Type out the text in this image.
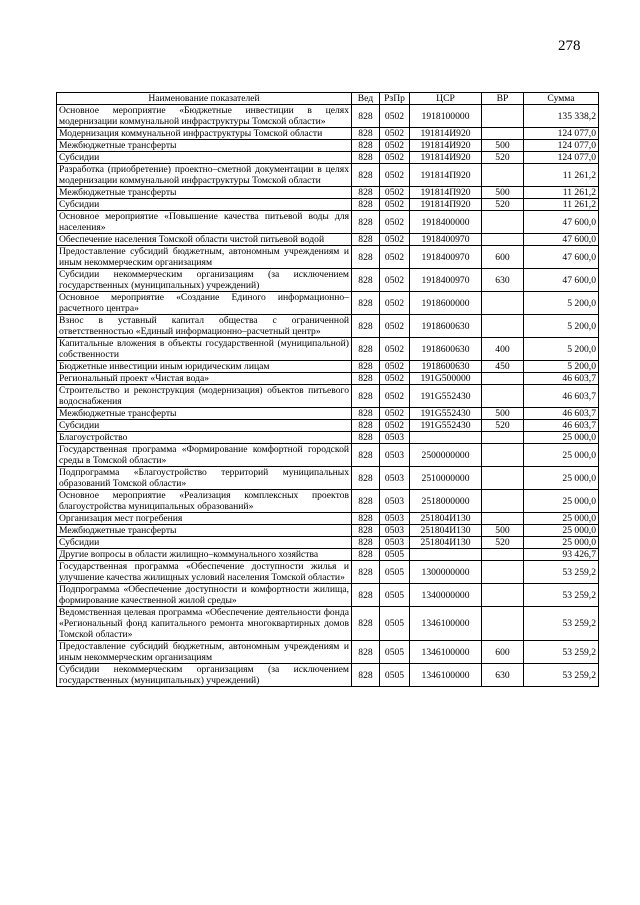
278
Наименование показателей	Вед	РзПр	ЦСР	ВР	Сумма
Основное мероприятие «Бюджетные инвестиции в целях модернизации коммунальной инфраструктуры Томской области»	828	0502	1918100000		135 338,2
Модернизация коммунальной инфраструктуры Томской области	828	0502	191814И920		124 077,0
Межбюджетные трансферты	828	0502	191814И920	500	124 077,0
Субсидии	828	0502	191814И920	520	124 077,0
Разработка (приобретение) проектно–сметной документации в целях модернизации коммунальной инфраструктуры Томской области	828	0502	191814П920		11 261,2
Межбюджетные трансферты	828	0502	191814П920	500	11 261,2
Субсидии	828	0502	191814П920	520	11 261,2
Основное мероприятие «Повышение качества питьевой воды для населения»	828	0502	1918400000		47 600,0
Обеспечение населения Томской области чистой питьевой водой	828	0502	1918400970		47 600,0
Предоставление субсидий бюджетным, автономным учреждениям и иным некоммерческим организациям	828	0502	1918400970	600	47 600,0
Субсидии некоммерческим организациям (за исключением государственных (муниципальных) учреждений)	828	0502	1918400970	630	47 600,0
Основное мероприятие «Создание Единого информационно–расчетного центра»	828	0502	1918600000		5 200,0
Взнос в уставный капитал общества с ограниченной ответственностью «Единый информационно–расчетный центр»	828	0502	1918600630		5 200,0
Капитальные вложения в объекты государственной (муниципальной) собственности	828	0502	1918600630	400	5 200,0
Бюджетные инвестиции иным юридическим лицам	828	0502	1918600630	450	5 200,0
Региональный проект «Чистая вода»	828	0502	191G500000		46 603,7
Строительство и реконструкция (модернизация) объектов питьевого водоснабжения	828	0502	191G552430		46 603,7
Межбюджетные трансферты	828	0502	191G552430	500	46 603,7
Субсидии	828	0502	191G552430	520	46 603,7
Благоустройство	828	0503			25 000,0
Государственная программа «Формирование комфортной городской среды в Томской области»	828	0503	2500000000		25 000,0
Подпрограмма «Благоустройство территорий муниципальных образований Томской области»	828	0503	2510000000		25 000,0
Основное мероприятие «Реализация комплексных проектов благоустройства муниципальных образований»	828	0503	2518000000		25 000,0
Организация мест погребения	828	0503	251804И130		25 000,0
Межбюджетные трансферты	828	0503	251804И130	500	25 000,0
Субсидии	828	0503	251804И130	520	25 000,0
Другие вопросы в области жилищно–коммунального хозяйства	828	0505			93 426,7
Государственная программа «Обеспечение доступности жилья и улучшение качества жилищных условий населения Томской области»	828	0505	1300000000		53 259,2
Подпрограмма «Обеспечение доступности и комфортности жилища, формирование качественной жилой среды»	828	0505	1340000000		53 259,2
Ведомственная целевая программа «Обеспечение деятельности фонда «Региональный фонд капитального ремонта многоквартирных домов Томской области»	828	0505	1346100000		53 259,2
Предоставление субсидий бюджетным, автономным учреждениям и иным некоммерческим организациям	828	0505	1346100000	600	53 259,2
Субсидии некоммерческим организациям (за исключением государственных (муниципальных) учреждений)	828	0505	1346100000	630	53 259,2
